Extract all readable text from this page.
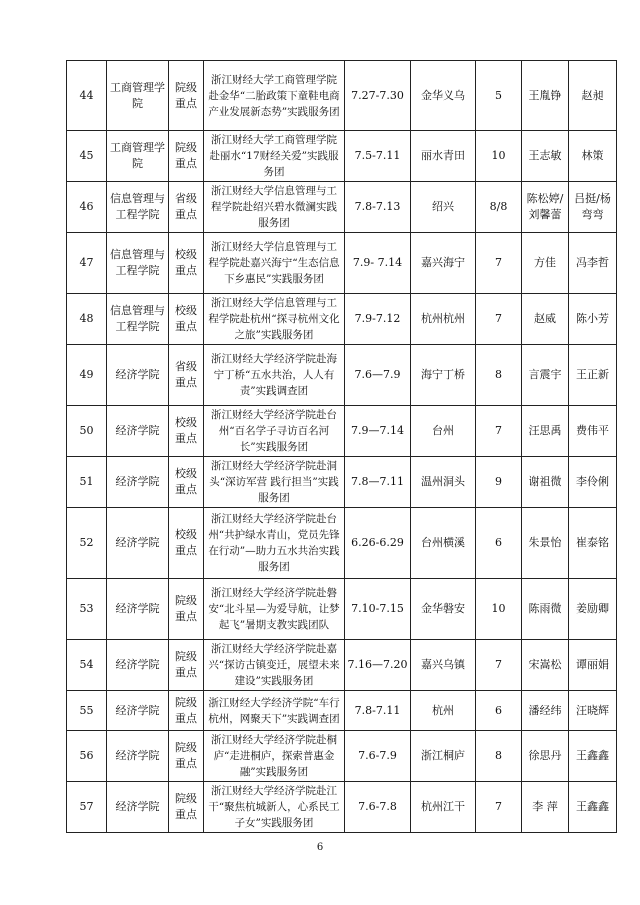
44	工商管理学院	院级重点	浙江财经大学工商管理学院赴金华“二胎政策下童鞋电商产业发展新态势”实践服务团	7.27-7.30	金华义乌	5	王胤铮	赵昶

45	工商管理学院	院级重点	浙江财经大学工商管理学院赴丽水“17财经关爱”实践服务团	7.5-7.11	丽水青田	10	王志敏	林策

46	信息管理与工程学院	省级重点	浙江财经大学信息管理与工程学院赴绍兴碧水微澜实践服务团	7.8-7.13	绍兴	8/8	陈松婷/刘馨蕾	吕挺/杨弯弯

47	信息管理与工程学院	校级重点	浙江财经大学信息管理与工程学院赴嘉兴海宁“生态信息下乡惠民”实践服务团	7.9- 7.14	嘉兴海宁	7	方佳	冯李哲

48	信息管理与工程学院	校级重点	浙江财经大学信息管理与工程学院赴杭州“探寻杭州文化之旅”实践服务团	7.9-7.12	杭州杭州	7	赵威	陈小芳

49	经济学院	省级重点	浙江财经大学经济学院赴海宁丁桥“五水共治，人人有责”实践调查团	7.6—7.9	海宁丁桥	8	言震宇	王正新

50	经济学院	校级重点	浙江财经大学经济学院赴台州“百名学子寻访百名河长”实践服务团	7.9—7.14	台州	7	汪思禹	费伟平

51	经济学院	校级重点	浙江财经大学经济学院赴洞头“深访军营 践行担当”实践服务团	7.8—7.11	温州洞头	9	谢祖微	李伶俐

52	经济学院	校级重点	浙江财经大学经济学院赴台州“共护绿水青山，党员先锋在行动”—助力五水共治实践服务团	6.26-6.29	台州横溪	6	朱景怡	崔泰铭

53	经济学院	院级重点	浙江财经大学经济学院赴磐安“北斗星—为爱导航，让梦起飞”暑期支教实践团队	7.10-7.15	金华磐安	10	陈雨微	姜励卿

54	经济学院	院级重点	浙江财经大学经济学院赴嘉兴“探访古镇变迁，展望未来建设”实践服务团	7.16—7.20	嘉兴乌镇	7	宋嵩松	谭丽娟

55	经济学院	院级重点	浙江财经大学经济学院“车行杭州，网聚天下”实践调查团	7.8-7.11	杭州	6	潘经纬	汪晓辉

56	经济学院	院级重点	浙江财经大学经济学院赴桐庐“走进桐庐，探索普惠金融”实践服务团	7.6-7.9	浙江桐庐	8	徐思丹	王鑫鑫

57	经济学院	院级重点	浙江财经大学经济学院赴江干“聚焦杭城新人，心系民工子女”实践服务团	7.6-7.8	杭州江干	7	李 萍	王鑫鑫
6
